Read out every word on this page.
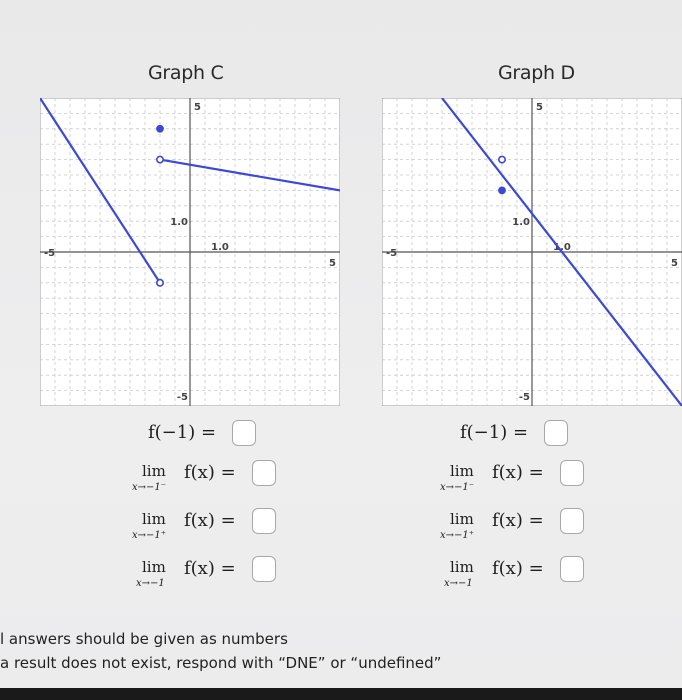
Graph C
5
1.0
1.0
-5
5
-5
Graph D
5
1.0
1.0
-5
5
-5
f(−1) =
lim
x→−1⁻
f(x) =
lim
x→−1⁺
f(x) =
lim
x→−1
f(x) =
f(−1) =
lim
x→−1⁻
f(x) =
lim
x→−1⁺
f(x) =
lim
x→−1
f(x) =
l answers should be given as numbers
a result does not exist, respond with “DNE” or “undefined”
